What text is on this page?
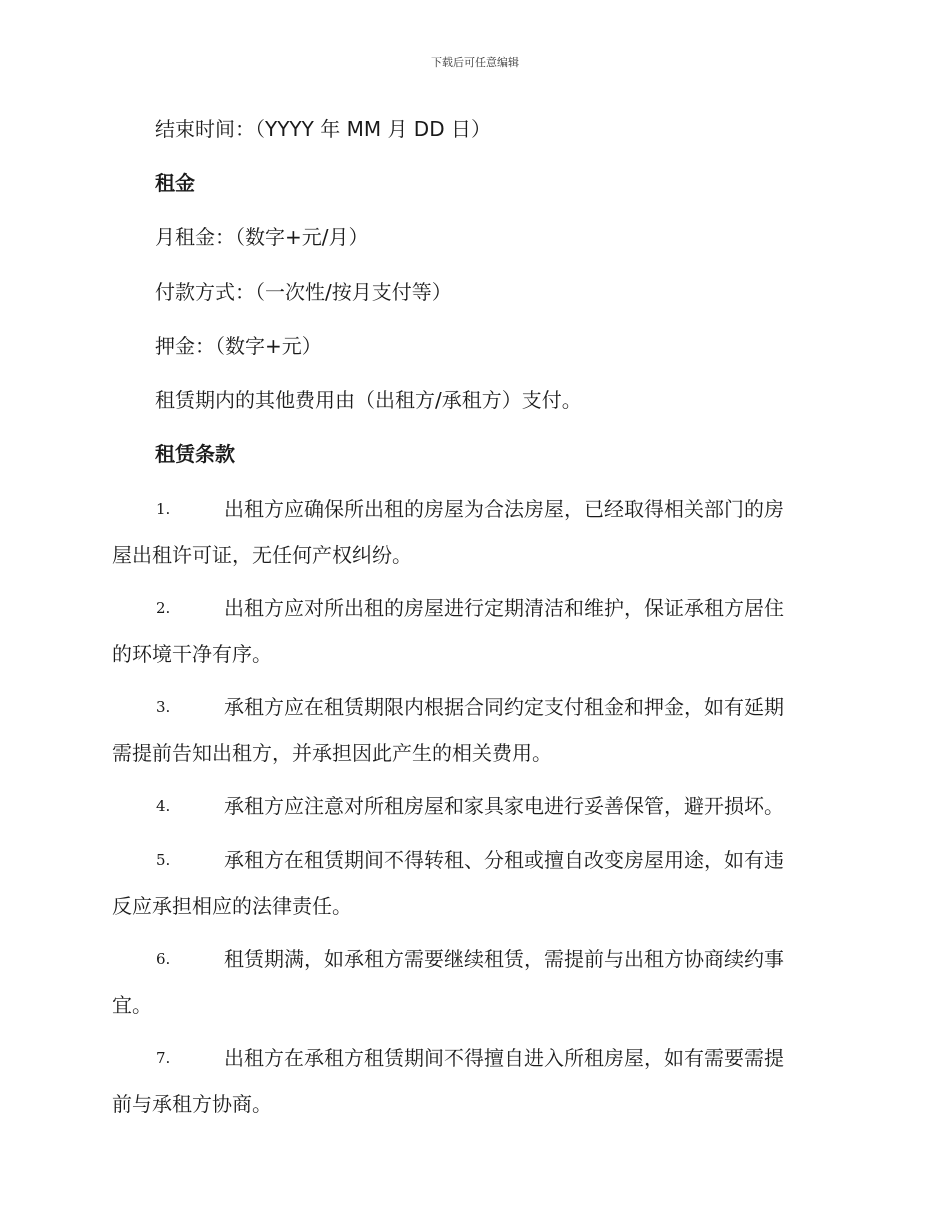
下载后可任意编辑
结束时间：（YYYY 年 MM 月 DD 日）
租金
月租金：（数字+元/月）
付款方式：（一次性/按月支付等）
押金：（数字+元）
租赁期内的其他费用由（出租方/承租方）支付。
租赁条款
1.	出租方应确保所出租的房屋为合法房屋，已经取得相关部门的房
屋出租许可证，无任何产权纠纷。
2.	出租方应对所出租的房屋进行定期清洁和维护，保证承租方居住
的环境干净有序。
3.	承租方应在租赁期限内根据合同约定支付租金和押金，如有延期
需提前告知出租方，并承担因此产生的相关费用。
4.	承租方应注意对所租房屋和家具家电进行妥善保管，避开损坏。
5.	承租方在租赁期间不得转租、分租或擅自改变房屋用途，如有违
反应承担相应的法律责任。
6.	租赁期满，如承租方需要继续租赁，需提前与出租方协商续约事
宜。
7.	出租方在承租方租赁期间不得擅自进入所租房屋，如有需要需提
前与承租方协商。
